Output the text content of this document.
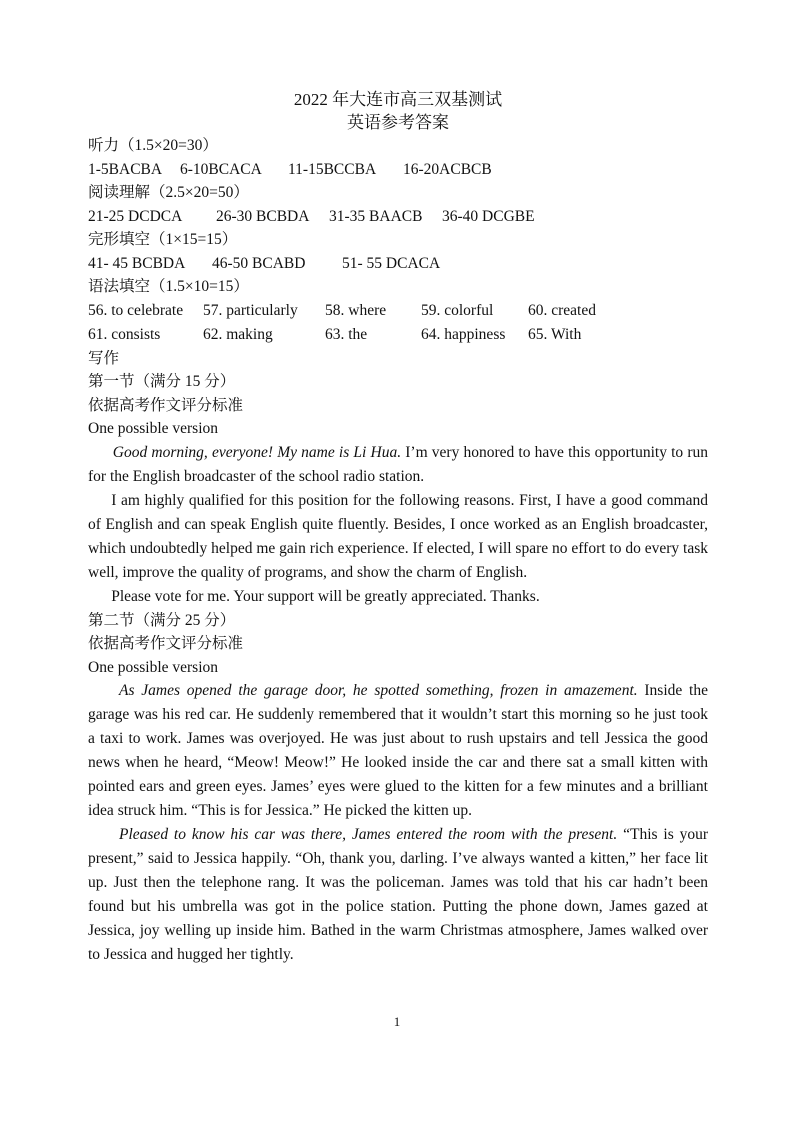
2022 年大连市高三双基测试
英语参考答案
听力（1.5×20=30）
1-5BACBA 6-10BCACA 11-15BCCBA 16-20ACBCB
阅读理解（2.5×20=50）
21-25 DCDCA 26-30 BCBDA 31-35 BAACB 36-40 DCGBE
完形填空（1×15=15）
41- 45 BCBDA 46-50 BCABD 51- 55 DCACA
语法填空（1.5×10=15）
56. to celebrate	57. particularly	58. where	59. colorful	60. created
61. consists	62. making	63. the	64. happiness	65. With
写作
第一节（满分 15 分）
依据高考作文评分标准
One possible version

Good morning, everyone! My name is Li Hua. I’m very honored to have this opportunity to run for the English broadcaster of the school radio station.

I am highly qualified for this position for the following reasons. First, I have a good command of English and can speak English quite fluently. Besides, I once worked as an English broadcaster, which undoubtedly helped me gain rich experience. If elected, I will spare no effort to do every task well, improve the quality of programs, and show the charm of English.

Please vote for me. Your support will be greatly appreciated. Thanks.

第二节（满分 25 分）
依据高考作文评分标准
One possible version

As James opened the garage door, he spotted something, frozen in amazement. Inside the garage was his red car. He suddenly remembered that it wouldn’t start this morning so he just took a taxi to work. James was overjoyed. He was just about to rush upstairs and tell Jessica the good news when he heard, “Meow! Meow!” He looked inside the car and there sat a small kitten with pointed ears and green eyes. James’ eyes were glued to the kitten for a few minutes and a brilliant idea struck him. “This is for Jessica.” He picked the kitten up.

Pleased to know his car was there, James entered the room with the present. “This is your present,” said to Jessica happily. “Oh, thank you, darling. I’ve always wanted a kitten,” her face lit up. Just then the telephone rang. It was the policeman. James was told that his car hadn’t been found but his umbrella was got in the police station. Putting the phone down, James gazed at Jessica, joy welling up inside him. Bathed in the warm Christmas atmosphere, James walked over to Jessica and hugged her tightly.

1
